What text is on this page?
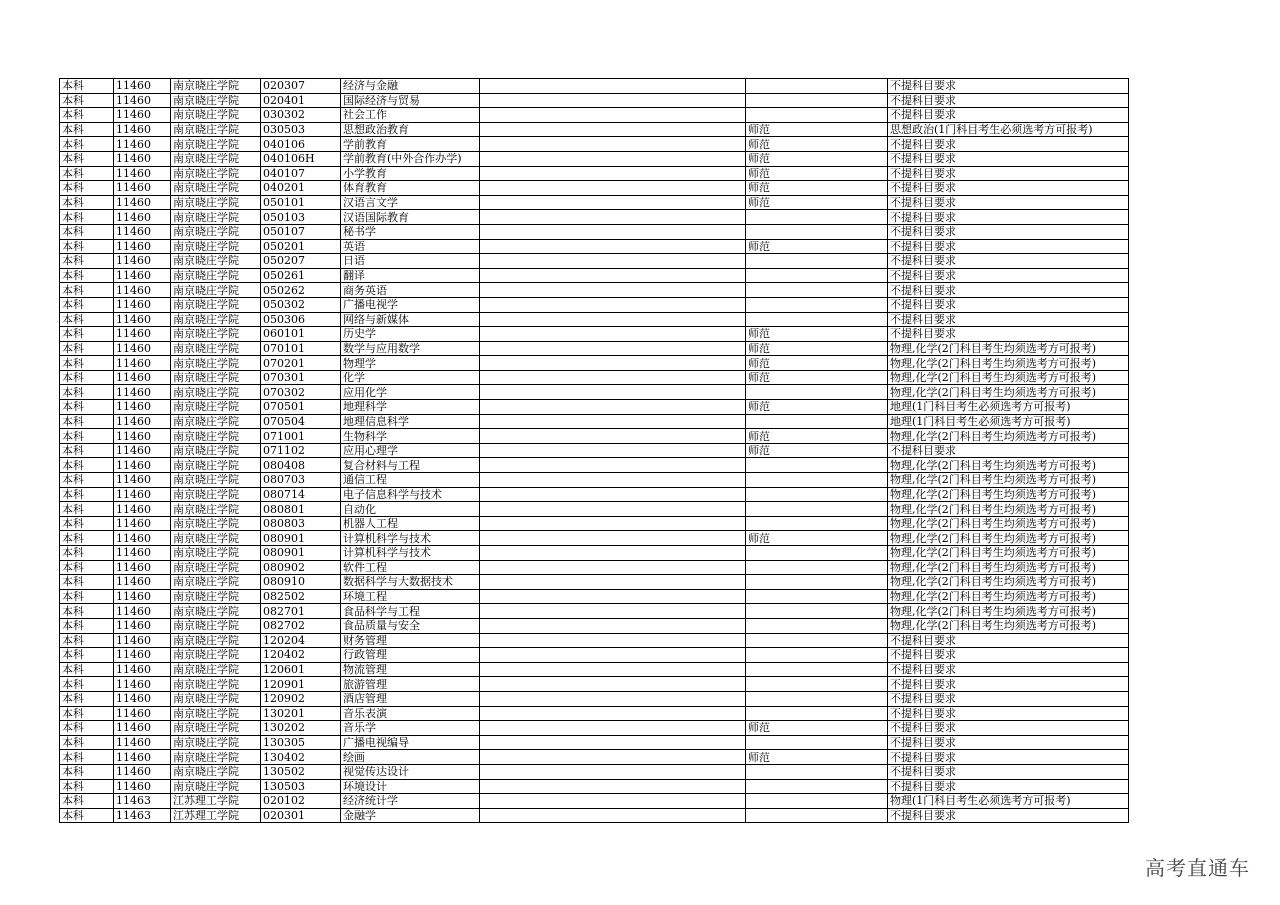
本科	11460	南京晓庄学院	020307	经济与金融			不提科目要求
本科	11460	南京晓庄学院	020401	国际经济与贸易			不提科目要求
本科	11460	南京晓庄学院	030302	社会工作			不提科目要求
本科	11460	南京晓庄学院	030503	思想政治教育		师范	思想政治(1门科目考生必须选考方可报考)
本科	11460	南京晓庄学院	040106	学前教育		师范	不提科目要求
本科	11460	南京晓庄学院	040106H	学前教育(中外合作办学)		师范	不提科目要求
本科	11460	南京晓庄学院	040107	小学教育		师范	不提科目要求
本科	11460	南京晓庄学院	040201	体育教育		师范	不提科目要求
本科	11460	南京晓庄学院	050101	汉语言文学		师范	不提科目要求
本科	11460	南京晓庄学院	050103	汉语国际教育			不提科目要求
本科	11460	南京晓庄学院	050107	秘书学			不提科目要求
本科	11460	南京晓庄学院	050201	英语		师范	不提科目要求
本科	11460	南京晓庄学院	050207	日语			不提科目要求
本科	11460	南京晓庄学院	050261	翻译			不提科目要求
本科	11460	南京晓庄学院	050262	商务英语			不提科目要求
本科	11460	南京晓庄学院	050302	广播电视学			不提科目要求
本科	11460	南京晓庄学院	050306	网络与新媒体			不提科目要求
本科	11460	南京晓庄学院	060101	历史学		师范	不提科目要求
本科	11460	南京晓庄学院	070101	数学与应用数学		师范	物理,化学(2门科目考生均须选考方可报考)
本科	11460	南京晓庄学院	070201	物理学		师范	物理,化学(2门科目考生均须选考方可报考)
本科	11460	南京晓庄学院	070301	化学		师范	物理,化学(2门科目考生均须选考方可报考)
本科	11460	南京晓庄学院	070302	应用化学			物理,化学(2门科目考生均须选考方可报考)
本科	11460	南京晓庄学院	070501	地理科学		师范	地理(1门科目考生必须选考方可报考)
本科	11460	南京晓庄学院	070504	地理信息科学			地理(1门科目考生必须选考方可报考)
本科	11460	南京晓庄学院	071001	生物科学		师范	物理,化学(2门科目考生均须选考方可报考)
本科	11460	南京晓庄学院	071102	应用心理学		师范	不提科目要求
本科	11460	南京晓庄学院	080408	复合材料与工程			物理,化学(2门科目考生均须选考方可报考)
本科	11460	南京晓庄学院	080703	通信工程			物理,化学(2门科目考生均须选考方可报考)
本科	11460	南京晓庄学院	080714	电子信息科学与技术			物理,化学(2门科目考生均须选考方可报考)
本科	11460	南京晓庄学院	080801	自动化			物理,化学(2门科目考生均须选考方可报考)
本科	11460	南京晓庄学院	080803	机器人工程			物理,化学(2门科目考生均须选考方可报考)
本科	11460	南京晓庄学院	080901	计算机科学与技术		师范	物理,化学(2门科目考生均须选考方可报考)
本科	11460	南京晓庄学院	080901	计算机科学与技术			物理,化学(2门科目考生均须选考方可报考)
本科	11460	南京晓庄学院	080902	软件工程			物理,化学(2门科目考生均须选考方可报考)
本科	11460	南京晓庄学院	080910	数据科学与大数据技术			物理,化学(2门科目考生均须选考方可报考)
本科	11460	南京晓庄学院	082502	环境工程			物理,化学(2门科目考生均须选考方可报考)
本科	11460	南京晓庄学院	082701	食品科学与工程			物理,化学(2门科目考生均须选考方可报考)
本科	11460	南京晓庄学院	082702	食品质量与安全			物理,化学(2门科目考生均须选考方可报考)
本科	11460	南京晓庄学院	120204	财务管理			不提科目要求
本科	11460	南京晓庄学院	120402	行政管理			不提科目要求
本科	11460	南京晓庄学院	120601	物流管理			不提科目要求
本科	11460	南京晓庄学院	120901	旅游管理			不提科目要求
本科	11460	南京晓庄学院	120902	酒店管理			不提科目要求
本科	11460	南京晓庄学院	130201	音乐表演			不提科目要求
本科	11460	南京晓庄学院	130202	音乐学		师范	不提科目要求
本科	11460	南京晓庄学院	130305	广播电视编导			不提科目要求
本科	11460	南京晓庄学院	130402	绘画		师范	不提科目要求
本科	11460	南京晓庄学院	130502	视觉传达设计			不提科目要求
本科	11460	南京晓庄学院	130503	环境设计			不提科目要求
本科	11463	江苏理工学院	020102	经济统计学			物理(1门科目考生必须选考方可报考)
本科	11463	江苏理工学院	020301	金融学			不提科目要求
高考直通车
